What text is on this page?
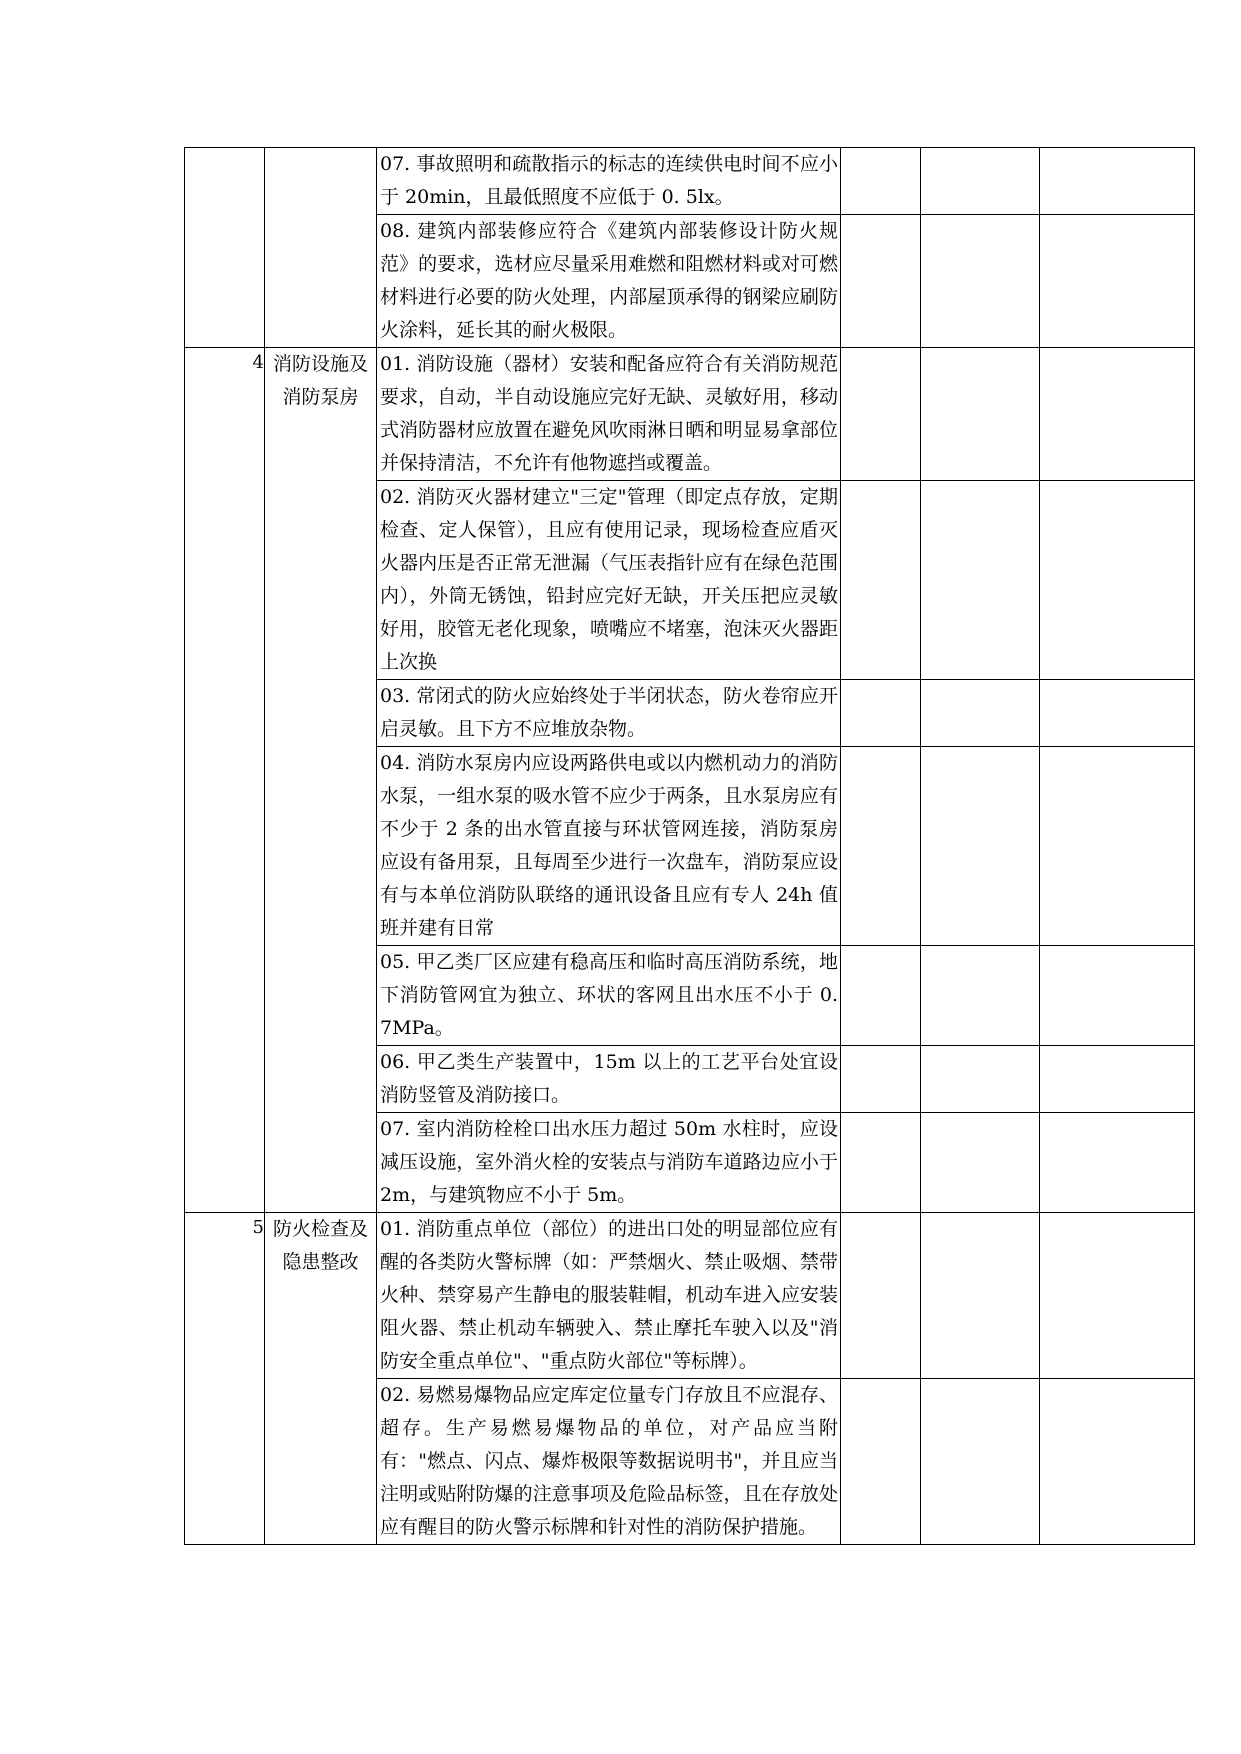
		07. 事故照明和疏散指示的标志的连续供电时间不应小于 20min，且最低照度不应低于 0. 5lx。			

		08. 建筑内部装修应符合《建筑内部装修设计防火规范》的要求，选材应尽量采用难燃和阻燃材料或对可燃材料进行必要的防火处理，内部屋顶承得的钢梁应刷防火涂料，延长其的耐火极限。			

4	消防设施及消防泵房	01. 消防设施（器材）安装和配备应符合有关消防规范要求，自动，半自动设施应完好无缺、灵敏好用，移动式消防器材应放置在避免风吹雨淋日晒和明显易拿部位并保持清洁，不允许有他物遮挡或覆盖。			

		02. 消防灭火器材建立"三定"管理（即定点存放，定期检查、定人保管），且应有使用记录，现场检查应盾灭火器内压是否正常无泄漏（气压表指针应有在绿色范围内），外筒无锈蚀，铅封应完好无缺，开关压把应灵敏好用，胶管无老化现象，喷嘴应不堵塞，泡沫灭火器距上次换			

		03. 常闭式的防火应始终处于半闭状态，防火卷帘应开启灵敏。且下方不应堆放杂物。			

		04. 消防水泵房内应设两路供电或以内燃机动力的消防水泵，一组水泵的吸水管不应少于两条，且水泵房应有不少于 2 条的出水管直接与环状管网连接，消防泵房应设有备用泵，且每周至少进行一次盘车，消防泵应设有与本单位消防队联络的通讯设备且应有专人 24h 值班并建有日常			

		05. 甲乙类厂区应建有稳高压和临时高压消防系统，地下消防管网宜为独立、环状的客网且出水压不小于 0. 7MPa。			

		06. 甲乙类生产装置中，15m 以上的工艺平台处宜设消防竖管及消防接口。			

		07. 室内消防栓栓口出水压力超过 50m 水柱时，应设减压设施，室外消火栓的安装点与消防车道路边应小于 2m，与建筑物应不小于 5m。			

5	防火检查及隐患整改	01. 消防重点单位（部位）的进出口处的明显部位应有醒的各类防火警标牌（如：严禁烟火、禁止吸烟、禁带火种、禁穿易产生静电的服装鞋帽，机动车进入应安装阻火器、禁止机动车辆驶入、禁止摩托车驶入以及"消防安全重点单位"、"重点防火部位"等标牌）。			

		02. 易燃易爆物品应定库定位量专门存放且不应混存、超存。生产易燃易爆物品的单位，对产品应当附有："燃点、闪点、爆炸极限等数据说明书"，并且应当注明或贴附防爆的注意事项及危险品标签，且在存放处应有醒目的防火警示标牌和针对性的消防保护措施。			
